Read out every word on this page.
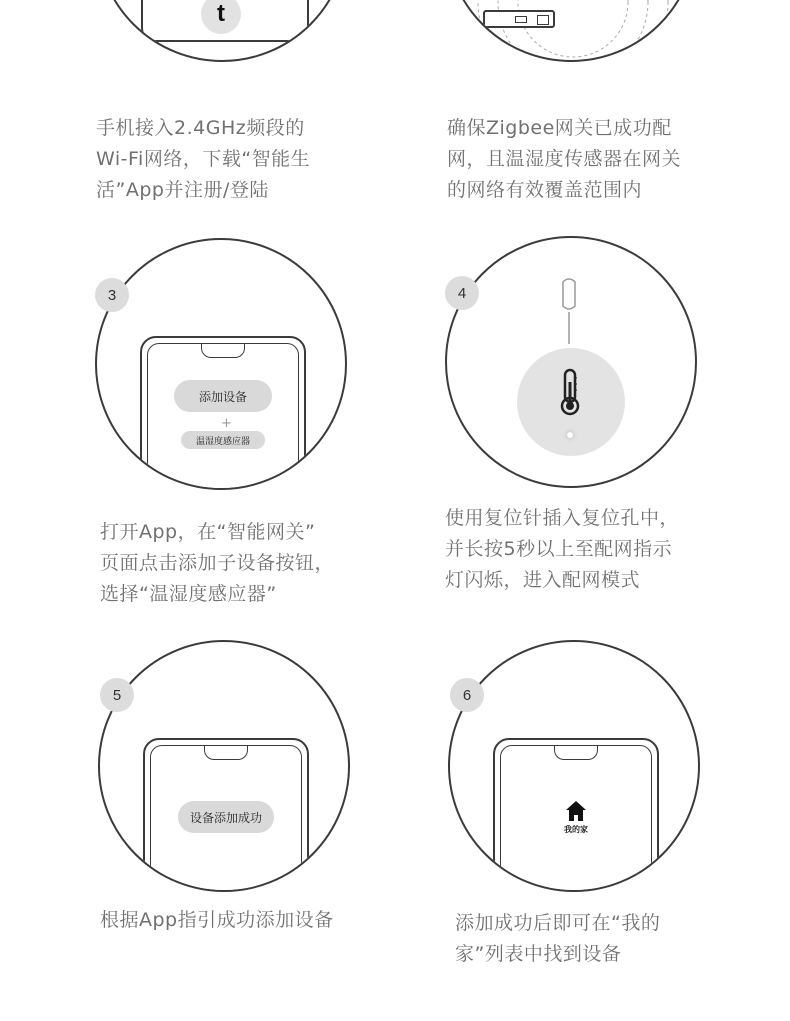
t
手机接入2.4GHz频段的
Wi-Fi网络，下载“智能生
活”App并注册/登陆
确保Zigbee网关已成功配
网，且温湿度传感器在网关
的网络有效覆盖范围内
添加设备
+
温湿度感应器
3	4
打开App，在“智能网关”
页面点击添加子设备按钮，
选择“温湿度感应器”
使用复位针插入复位孔中，
并长按5秒以上至配网指示
灯闪烁，进入配网模式
设备添加成功
5
我的家
6
根据App指引成功添加设备	添加成功后即可在“我的
家”列表中找到设备
